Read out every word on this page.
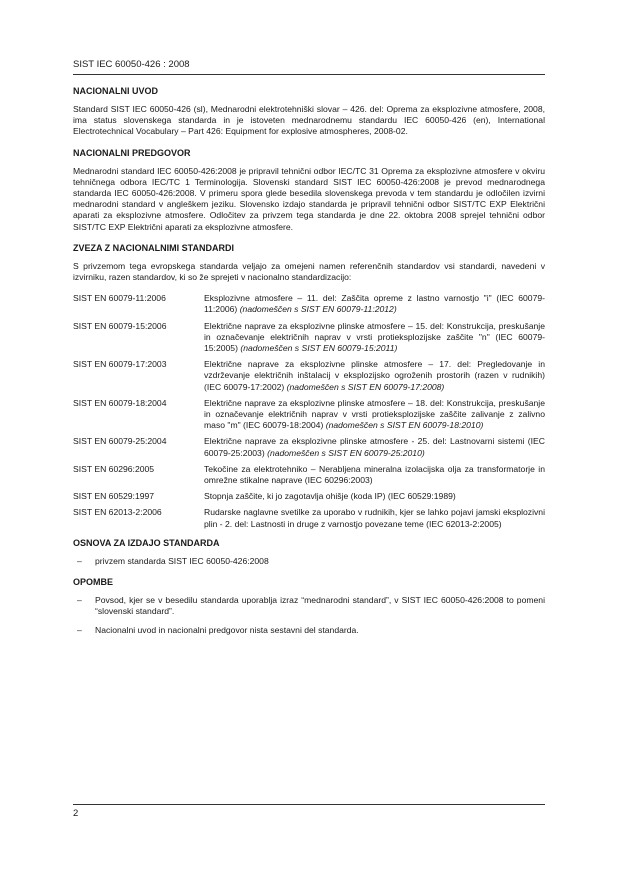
SIST IEC 60050-426 : 2008
NACIONALNI UVOD

Standard SIST IEC 60050-426 (sl), Mednarodni elektrotehniški slovar – 426. del: Oprema za eksplozivne atmosfere, 2008, ima status slovenskega standarda in je istoveten mednarodnemu standardu IEC 60050-426 (en), International Electrotechnical Vocabulary – Part 426: Equipment for explosive atmospheres, 2008-02.

NACIONALNI PREDGOVOR

Mednarodni standard IEC 60050-426:2008 je pripravil tehnični odbor IEC/TC 31 Oprema za eksplozivne atmosfere v okviru tehničnega odbora IEC/TC 1 Terminologija. Slovenski standard SIST IEC 60050-426:2008 je prevod mednarodnega standarda IEC 60050-426:2008. V primeru spora glede besedila slovenskega prevoda v tem standardu je odločilen izvirni mednarodni standard v angleškem jeziku. Slovensko izdajo standarda je pripravil tehnični odbor SIST/TC EXP Električni aparati za eksplozivne atmosfere. Odločitev za privzem tega standarda je dne 22. oktobra 2008 sprejel tehnični odbor SIST/TC EXP Električni aparati za eksplozivne atmosfere.

ZVEZA Z NACIONALNIMI STANDARDI

S privzemom tega evropskega standarda veljajo za omejeni namen referenčnih standardov vsi standardi, navedeni v izvirniku, razen standardov, ki so že sprejeti v nacionalno standardizacijo:

SIST EN 60079-11:2006	Eksplozivne atmosfere – 11. del: Zaščita opreme z lastno varnostjo "i" (IEC 60079-11:2006) (nadomeščen s SIST EN 60079-11:2012)
SIST EN 60079-15:2006	Električne naprave za eksplozivne plinske atmosfere – 15. del: Konstrukcija, preskušanje in označevanje električnih naprav v vrsti protieksplozijske zaščite "n" (IEC 60079-15:2005) (nadomeščen s SIST EN 60079-15:2011)
SIST EN 60079-17:2003	Električne naprave za eksplozivne plinske atmosfere – 17. del: Pregledovanje in vzdrževanje električnih inštalacij v eksplozijsko ogroženih prostorih (razen v rudnikih) (IEC 60079-17:2002) (nadomeščen s SIST EN 60079-17:2008)
SIST EN 60079-18:2004	Električne naprave za eksplozivne plinske atmosfere – 18. del: Konstrukcija, preskušanje in označevanje električnih naprav v vrsti protieksplozijske zaščite zalivanje z zalivno maso "m" (IEC 60079-18:2004) (nadomeščen s SIST EN 60079-18:2010)
SIST EN 60079-25:2004	Električne naprave za eksplozivne plinske atmosfere - 25. del: Lastnovarni sistemi (IEC 60079-25:2003) (nadomeščen s SIST EN 60079-25:2010)
SIST EN 60296:2005	Tekočine za elektrotehniko – Nerabljena mineralna izolacijska olja za transformatorje in omrežne stikalne naprave (IEC 60296:2003)
SIST EN 60529:1997	Stopnja zaščite, ki jo zagotavlja ohišje (koda IP) (IEC 60529:1989)
SIST EN 62013-2:2006	Rudarske naglavne svetilke za uporabo v rudnikih, kjer se lahko pojavi jamski eksplozivni plin - 2. del: Lastnosti in druge z varnostjo povezane teme (IEC 62013-2:2005)
OSNOVA ZA IZDAJO STANDARDA
–	privzem standarda SIST IEC 60050-426:2008
OPOMBE
–	Povsod, kjer se v besedilu standarda uporablja izraz “mednarodni standard”, v SIST IEC 60050-426:2008 to pomeni “slovenski standard”.
–	Nacionalni uvod in nacionalni predgovor nista sestavni del standarda.
2
